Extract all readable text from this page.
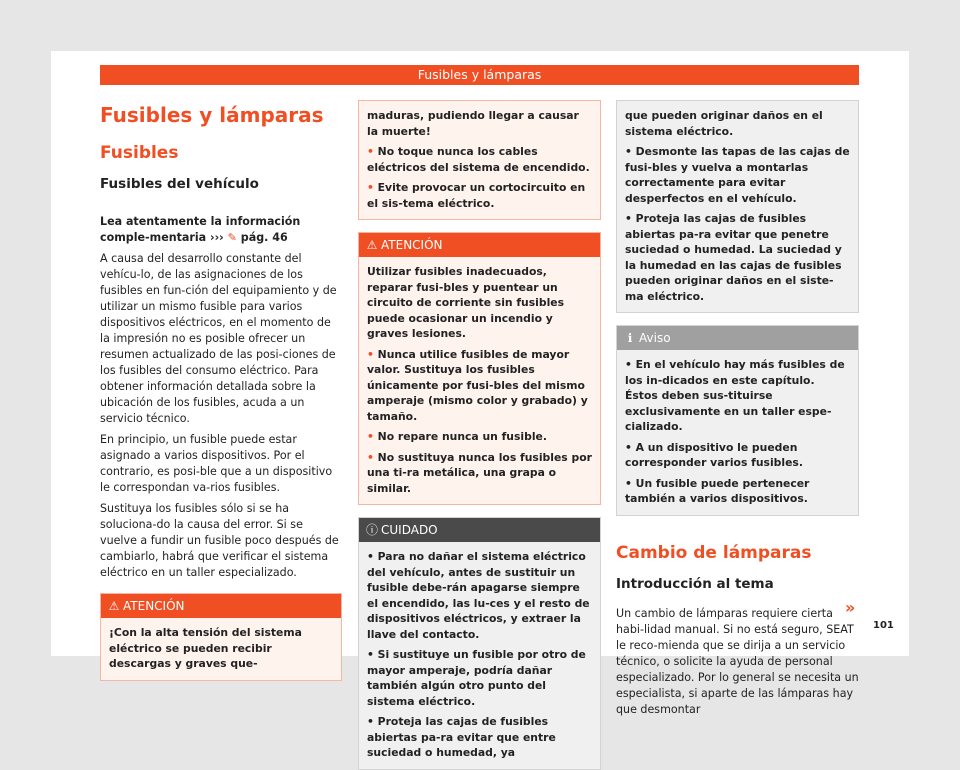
Fusibles y lámparas
Fusibles y lámparas
Fusibles
Fusibles del vehículo

Lea atentamente la información comple-mentaria ››› ✎ pág. 46

A causa del desarrollo constante del vehícu-lo, de las asignaciones de los fusibles en fun-ción del equipamiento y de utilizar un mismo fusible para varios dispositivos eléctricos, en el momento de la impresión no es posible ofrecer un resumen actualizado de las posi-ciones de los fusibles del consumo eléctrico. Para obtener información detallada sobre la ubicación de los fusibles, acuda a un servicio técnico.

En principio, un fusible puede estar asignado a varios dispositivos. Por el contrario, es posi-ble que a un dispositivo le correspondan va-rios fusibles.

Sustituya los fusibles sólo si se ha soluciona-do la causa del error. Si se vuelve a fundir un fusible poco después de cambiarlo, habrá que verificar el sistema eléctrico en un taller especializado.

⚠ ATENCIÓN

¡Con la alta tensión del sistema eléctrico se pueden recibir descargas y graves que-

maduras, pudiendo llegar a causar la muerte!

• No toque nunca los cables eléctricos del sistema de encendido.

• Evite provocar un cortocircuito en el sis-tema eléctrico.

⚠ ATENCIÓN

Utilizar fusibles inadecuados, reparar fusi-bles y puentear un circuito de corriente sin fusibles puede ocasionar un incendio y graves lesiones.

• Nunca utilice fusibles de mayor valor. Sustituya los fusibles únicamente por fusi-bles del mismo amperaje (mismo color y grabado) y tamaño.

• No repare nunca un fusible.

• No sustituya nunca los fusibles por una ti-ra metálica, una grapa o similar.

ⓘ CUIDADO

• Para no dañar el sistema eléctrico del vehículo, antes de sustituir un fusible debe-rán apagarse siempre el encendido, las lu-ces y el resto de dispositivos eléctricos, y extraer la llave del contacto.

• Si sustituye un fusible por otro de mayor amperaje, podría dañar también algún otro punto del sistema eléctrico.

• Proteja las cajas de fusibles abiertas pa-ra evitar que entre suciedad o humedad, ya

que pueden originar daños en el sistema eléctrico.

• Desmonte las tapas de las cajas de fusi-bles y vuelva a montarlas correctamente para evitar desperfectos en el vehículo.

• Proteja las cajas de fusibles abiertas pa-ra evitar que penetre suciedad o humedad. La suciedad y la humedad en las cajas de fusibles pueden originar daños en el siste-ma eléctrico.

ℹ Aviso

• En el vehículo hay más fusibles de los in-dicados en este capítulo. Éstos deben sus-tituirse exclusivamente en un taller espe-cializado.

• A un dispositivo le pueden corresponder varios fusibles.

• Un fusible puede pertenecer también a varios dispositivos.

Cambio de lámparas
Introducción al tema

Un cambio de lámparas requiere cierta habi-lidad manual. Si no está seguro, SEAT le reco-mienda que se dirija a un servicio técnico, o solicite la ayuda de personal especializado. Por lo general se necesita un especialista, si aparte de las lámparas hay que desmontar

»
101
